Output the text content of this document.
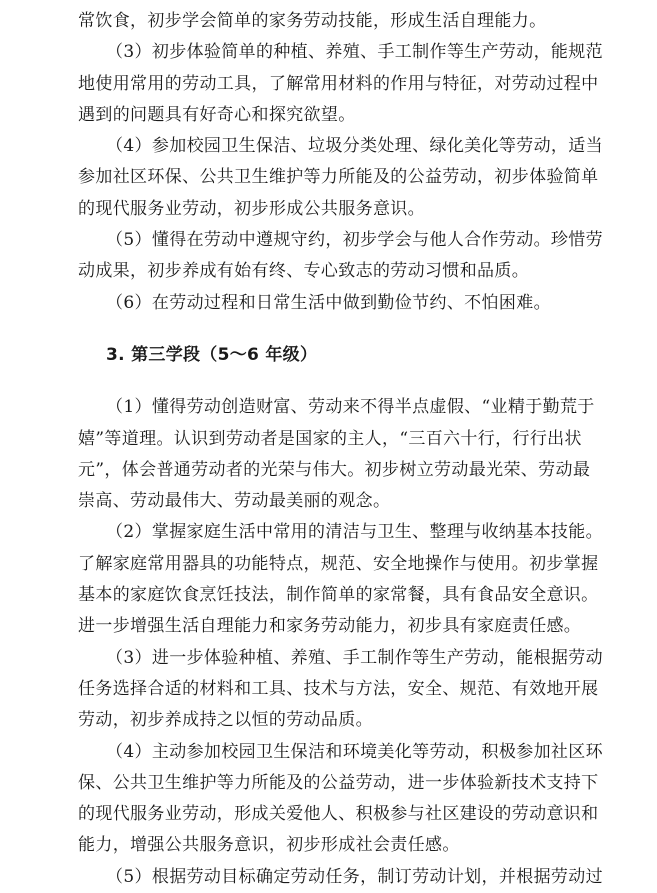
常饮食，初步学会简单的家务劳动技能，形成生活自理能力。

（3）初步体验简单的种植、养殖、手工制作等生产劳动，能规范

地使用常用的劳动工具，了解常用材料的作用与特征，对劳动过程中

遇到的问题具有好奇心和探究欲望。

（4）参加校园卫生保洁、垃圾分类处理、绿化美化等劳动，适当

参加社区环保、公共卫生维护等力所能及的公益劳动，初步体验简单

的现代服务业劳动，初步形成公共服务意识。

（5）懂得在劳动中遵规守约，初步学会与他人合作劳动。珍惜劳

动成果，初步养成有始有终、专心致志的劳动习惯和品质。

（6）在劳动过程和日常生活中做到勤俭节约、不怕困难。

3. 第三学段（5～6 年级）

（1）懂得劳动创造财富、劳动来不得半点虚假、“业精于勤荒于

嬉”等道理。认识到劳动者是国家的主人，“三百六十行，行行出状

元”，体会普通劳动者的光荣与伟大。初步树立劳动最光荣、劳动最

崇高、劳动最伟大、劳动最美丽的观念。

（2）掌握家庭生活中常用的清洁与卫生、整理与收纳基本技能。

了解家庭常用器具的功能特点，规范、安全地操作与使用。初步掌握

基本的家庭饮食烹饪技法，制作简单的家常餐，具有食品安全意识。

进一步增强生活自理能力和家务劳动能力，初步具有家庭责任感。

（3）进一步体验种植、养殖、手工制作等生产劳动，能根据劳动

任务选择合适的材料和工具、技术与方法，安全、规范、有效地开展

劳动，初步养成持之以恒的劳动品质。

（4）主动参加校园卫生保洁和环境美化等劳动，积极参加社区环

保、公共卫生维护等力所能及的公益劳动，进一步体验新技术支持下

的现代服务业劳动，形成关爱他人、积极参与社区建设的劳动意识和

能力，增强公共服务意识，初步形成社会责任感。

（5）根据劳动目标确定劳动任务，制订劳动计划，并根据劳动过
